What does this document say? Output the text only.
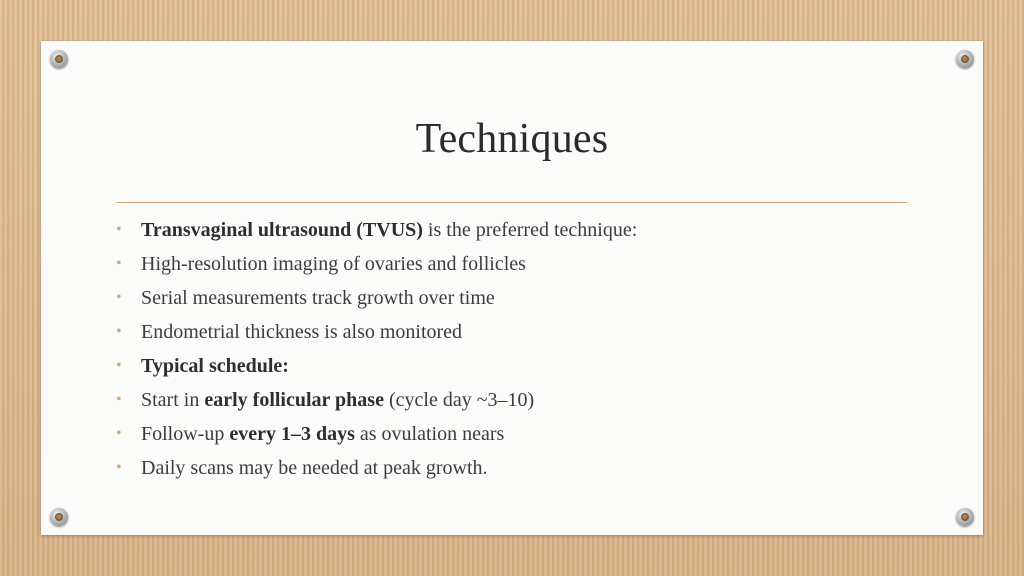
Techniques
• Transvaginal ultrasound (TVUS) is the preferred technique:
• High-resolution imaging of ovaries and follicles
• Serial measurements track growth over time
• Endometrial thickness is also monitored
• Typical schedule:
• Start in early follicular phase (cycle day ~3–10)
• Follow-up every 1–3 days as ovulation nears
• Daily scans may be needed at peak growth.
